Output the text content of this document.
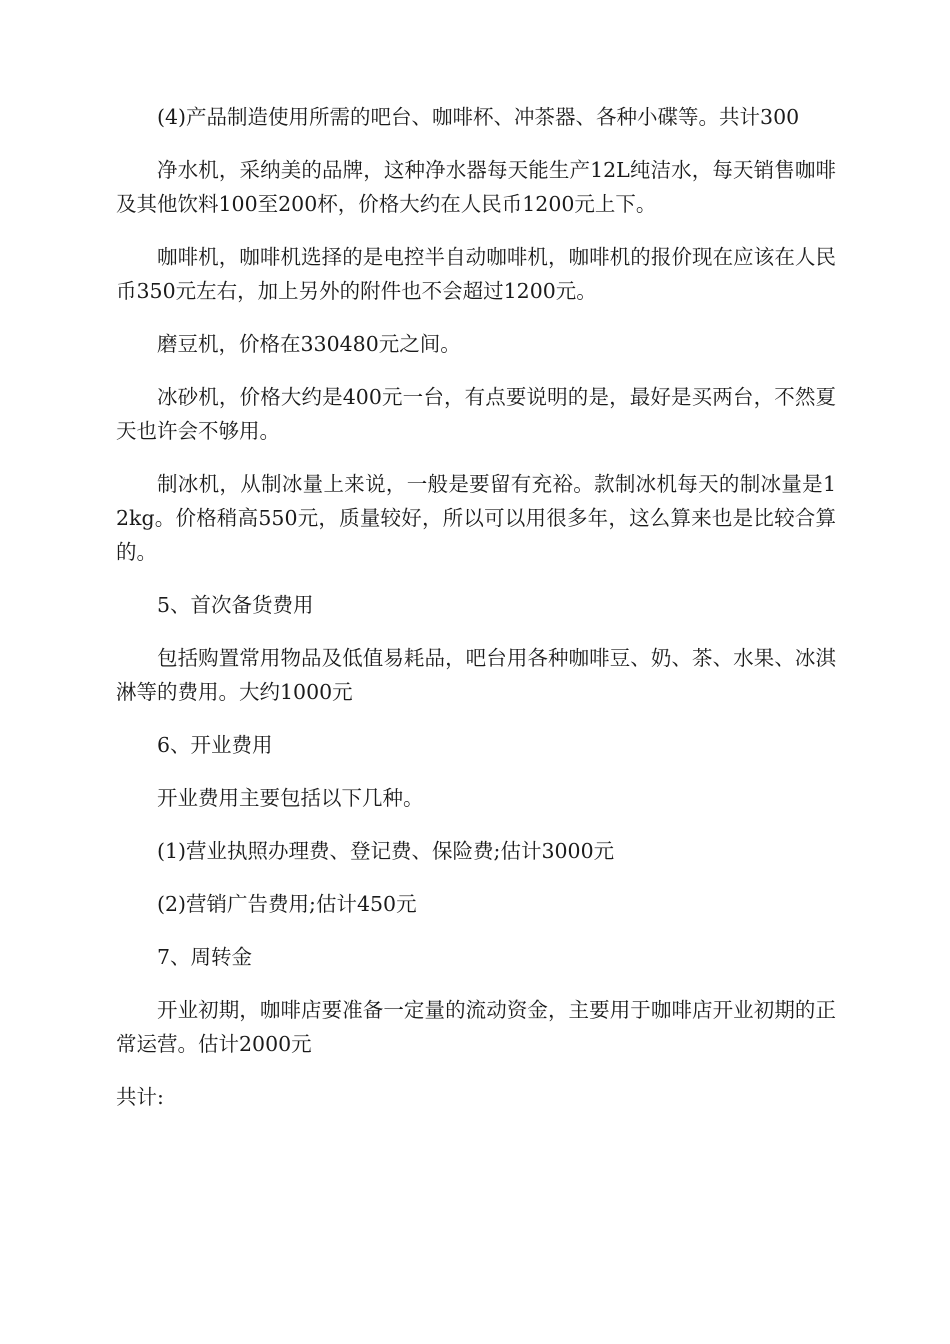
(4)产品制造使用所需的吧台、咖啡杯、冲茶器、各种小碟等。共计300

净水机，采纳美的品牌，这种净水器每天能生产12L纯洁水，每天销售咖啡及其他饮料100至200杯，价格大约在人民币1200元上下。

咖啡机，咖啡机选择的是电控半自动咖啡机，咖啡机的报价现在应该在人民币350元左右，加上另外的附件也不会超过1200元。

磨豆机，价格在330480元之间。

冰砂机，价格大约是400元一台，有点要说明的是，最好是买两台，不然夏天也许会不够用。

制冰机，从制冰量上来说，一般是要留有充裕。款制冰机每天的制冰量是12kg。价格稍高550元，质量较好，所以可以用很多年，这么算来也是比较合算的。

5、首次备货费用

包括购置常用物品及低值易耗品，吧台用各种咖啡豆、奶、茶、水果、冰淇淋等的费用。大约1000元

6、开业费用

开业费用主要包括以下几种。

(1)营业执照办理费、登记费、保险费;估计3000元

(2)营销广告费用;估计450元

7、周转金

开业初期，咖啡店要准备一定量的流动资金，主要用于咖啡店开业初期的正常运营。估计2000元

共计:
